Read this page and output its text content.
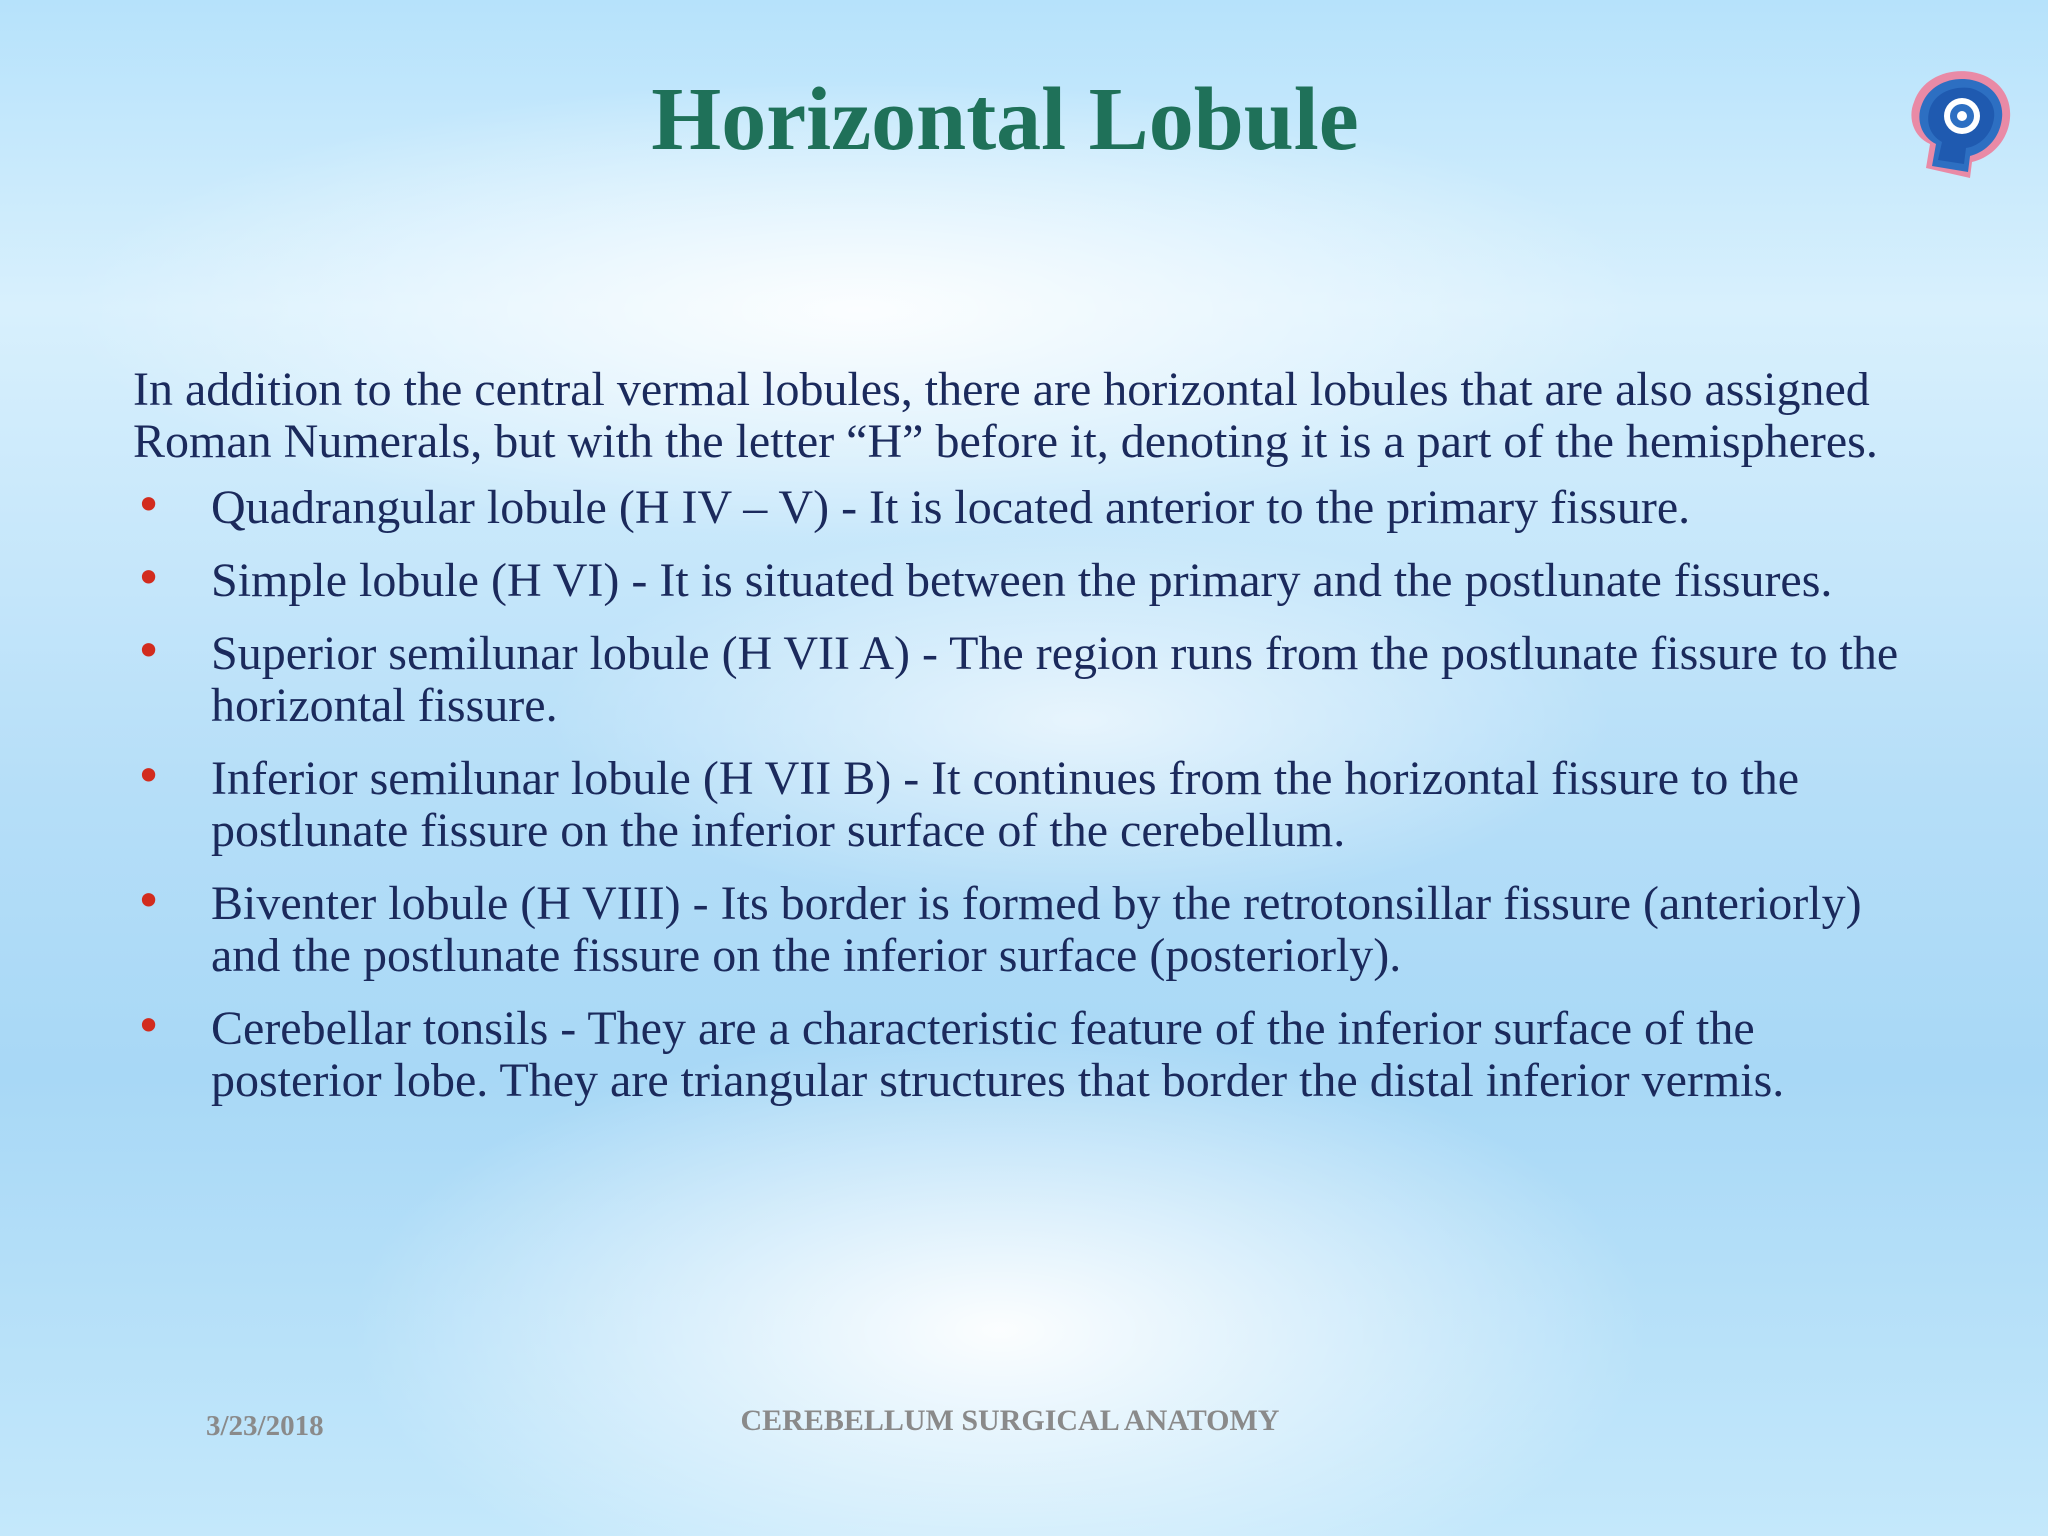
Horizontal Lobule

In addition to the central vermal lobules, there are horizontal lobules that are also assigned Roman Numerals, but with the letter “H” before it, denoting it is a part of the hemispheres.

• Quadrangular lobule (H IV – V) - It is located anterior to the primary fissure.
• Simple lobule (H VI) - It is situated between the primary and the postlunate fissures.
• Superior semilunar lobule (H VII A) - The region runs from the postlunate fissure to the horizontal fissure.
• Inferior semilunar lobule (H VII B) - It continues from the horizontal fissure to the postlunate fissure on the inferior surface of the cerebellum.
• Biventer lobule (H VIII) - Its border is formed by the retrotonsillar fissure (anteriorly) and the postlunate fissure on the inferior surface (posteriorly).
• Cerebellar tonsils - They are a characteristic feature of the inferior surface of the posterior lobe. They are triangular structures that border the distal inferior vermis.
3/23/2018	CEREBELLUM SURGICAL ANATOMY
